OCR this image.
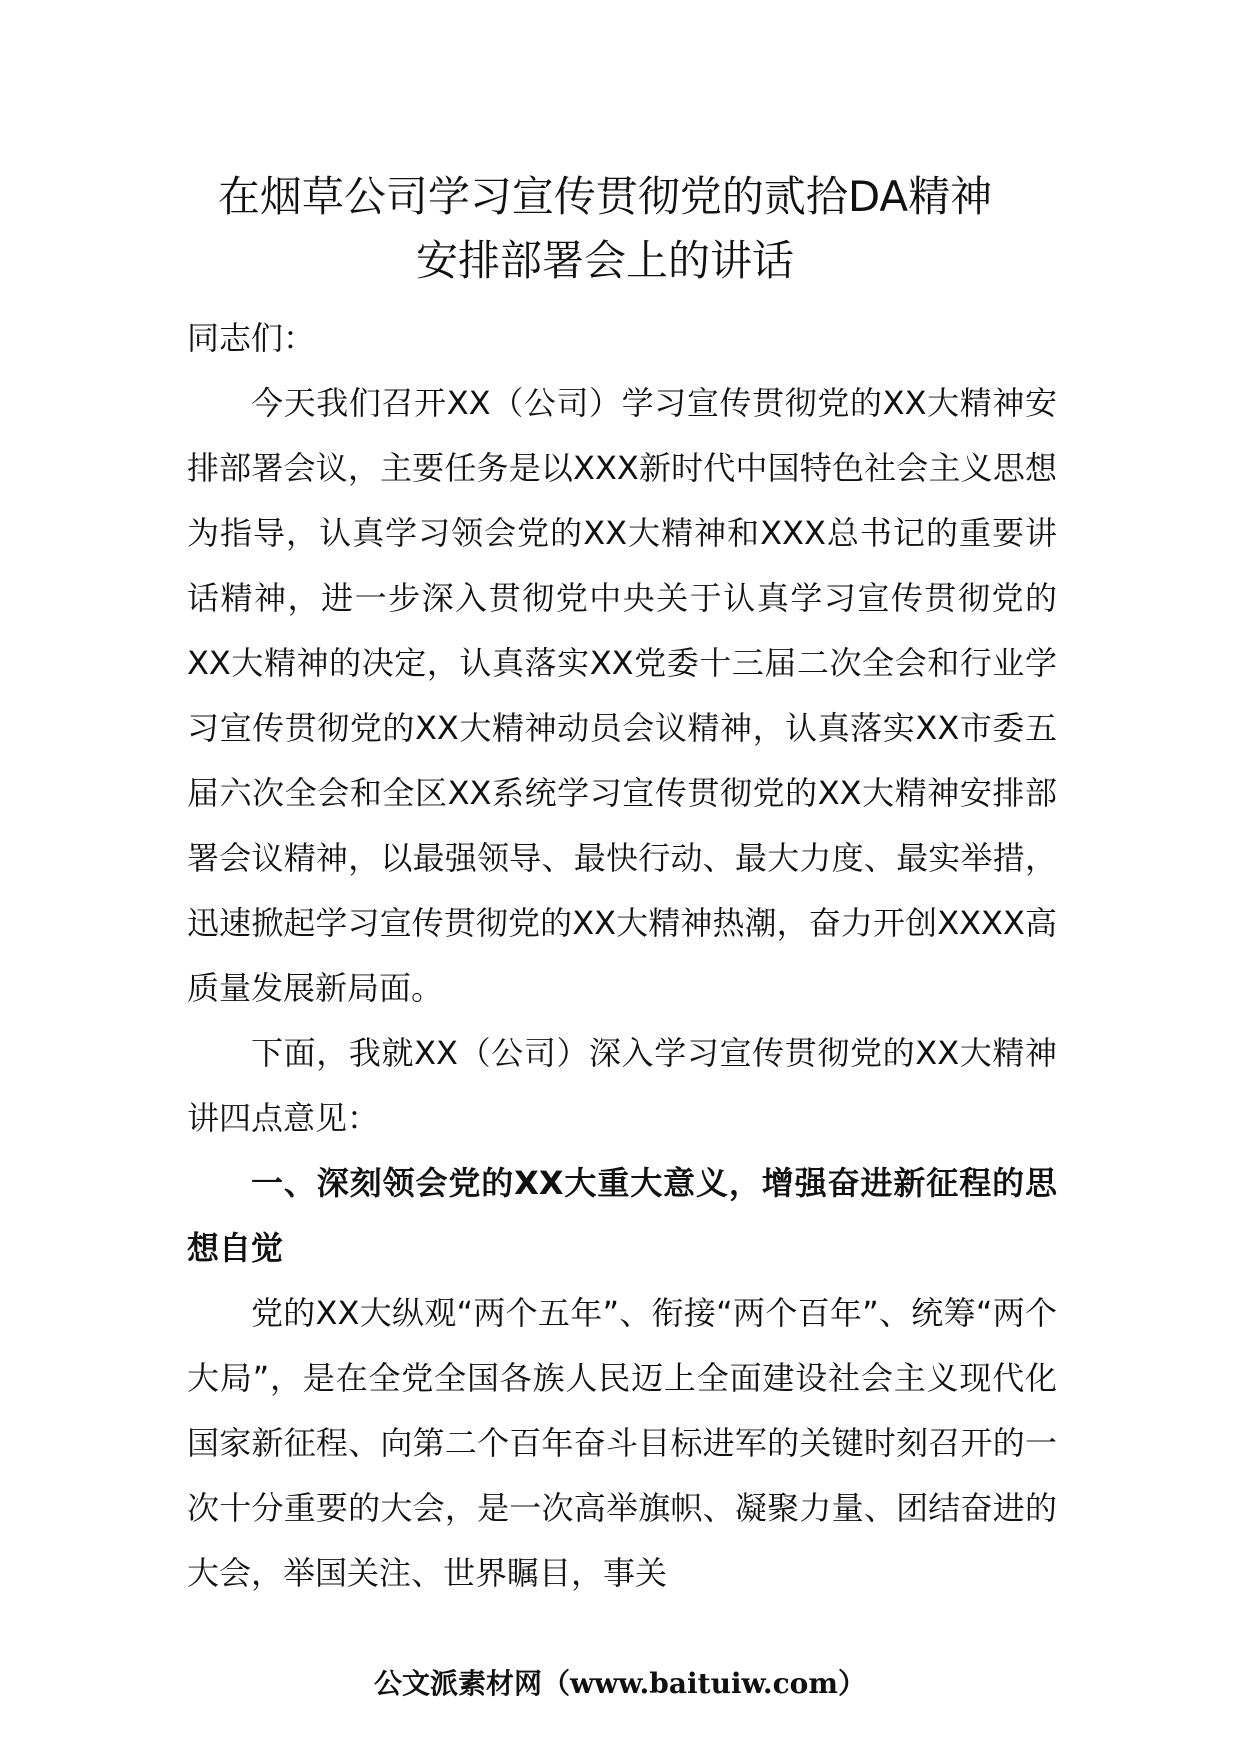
在烟草公司学习宣传贯彻党的贰拾DA精神
安排部署会上的讲话

同志们：

今天我们召开XX（公司）学习宣传贯彻党的XX大精神安排部署会议，主要任务是以XXX新时代中国特色社会主义思想为指导，认真学习领会党的XX大精神和XXX总书记的重要讲话精神，进一步深入贯彻党中央关于认真学习宣传贯彻党的XX大精神的决定，认真落实XX党委十三届二次全会和行业学习宣传贯彻党的XX大精神动员会议精神，认真落实XX市委五届六次全会和全区XX系统学习宣传贯彻党的XX大精神安排部署会议精神，以最强领导、最快行动、最大力度、最实举措，迅速掀起学习宣传贯彻党的XX大精神热潮，奋力开创XXXX高质量发展新局面。

下面，我就XX（公司）深入学习宣传贯彻党的XX大精神讲四点意见：

一、深刻领会党的XX大重大意义，增强奋进新征程的思想自觉

党的XX大纵观“两个五年”、衔接“两个百年”、统筹“两个大局”，是在全党全国各族人民迈上全面建设社会主义现代化国家新征程、向第二个百年奋斗目标进军的关键时刻召开的一次十分重要的大会，是一次高举旗帜、凝聚力量、团结奋进的大会，举国关注、世界瞩目，事关

公文派素材网（www.baituiw.com）
